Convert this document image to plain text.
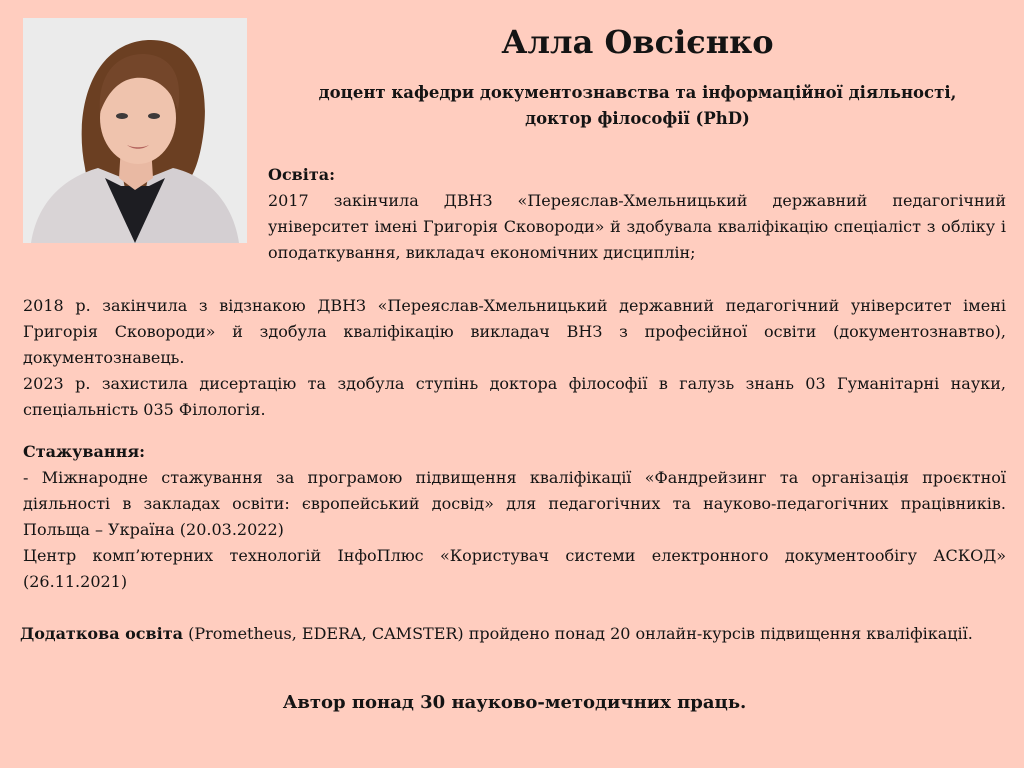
Алла Овсієнко

доцент кафедри документознавства та інформаційної діяльності,

доктор філософії (PhD)

Освіта:

2017 закінчила ДВНЗ «Переяслав-Хмельницький державний педагогічний університет імені Григорія Сковороди» й здобувала кваліфікацію спеціаліст з обліку і оподаткування, викладач економічних дисциплін;

2018 р. закінчила з відзнакою ДВНЗ «Переяслав-Хмельницький державний педагогічний університет імені Григорія Сковороди» й здобула кваліфікацію викладач ВНЗ з професійної освіти (документознавтво), документознавець.

2023 р. захистила дисертацію та здобула ступінь доктора філософії в галузь знань 03 Гуманітарні науки, спеціальність 035 Філологія.

Стажування:

- Міжнародне стажування за програмою підвищення кваліфікації «Фандрейзинг та організація проєктної діяльності в закладах освіти: європейський досвід» для педагогічних та науково-педагогічних працівників. Польща – Україна (20.03.2022)

Центр комп’ютерних технологій ІнфоПлюс «Користувач системи електронного документообігу АСКОД» (26.11.2021)

Додаткова освіта (Prometheus, EDERA, CAMSTER) пройдено понад 20 онлайн-курсів підвищення кваліфікації.
Автор понад 30 науково-методичних праць.
